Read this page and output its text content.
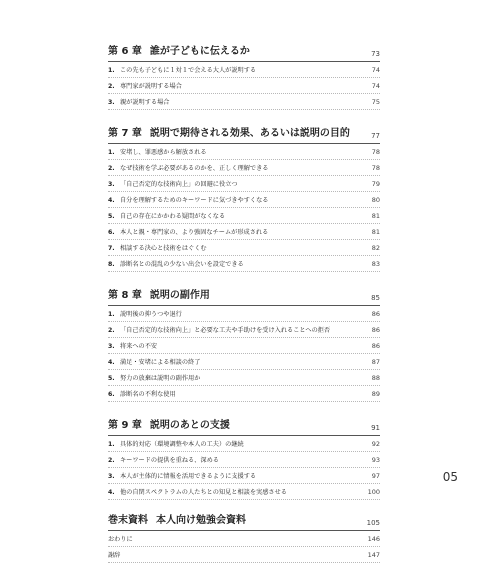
第 6 章 誰が子どもに伝えるか	73
1. この先も子どもに１対１で会える大人が説明する	74
2. 専門家が説明する場合	74
3. 親が説明する場合	75
第 7 章 説明で期待される効果、あるいは説明の目的	77
1. 安堵し、罪悪感から解放される	78
2. なぜ技術を学ぶ必要があるのかを、正しく理解できる	78
3. 「自己否定的な技術向上」の回避に役立つ	79
4. 自分を理解するためのキーワードに気づきやすくなる	80
5. 自己の存在にかかわる疑問がなくなる	81
6. 本人と親・専門家の、より強固なチームが形成される	81
7. 相談する決心と技術をはぐくむ	82
8. 診断名との混乱の少ない出会いを設定できる	83
第 8 章 説明の副作用	85
1. 説明後の抑うつや退行	86
2. 「自己否定的な技術向上」と必要な工夫や手助けを受け入れることへの拒否	86
3. 将来への不安	86
4. 満足・安堵による相談の終了	87
5. 努力の放棄は説明の副作用か	88
6. 診断名の不利な使用	89
第 9 章 説明のあとの支援	91
1. 具体的対応（環境調整や本人の工夫）の継続	92
2. キーワードの提供を重ねる、深める	93
3. 本人が主体的に情報を活用できるように支援する	97
4. 他の自閉スペクトラムの人たちとの知見と相談を実感させる	100
巻末資料 本人向け勉強会資料	105
おわりに	146
謝辞	147
05
